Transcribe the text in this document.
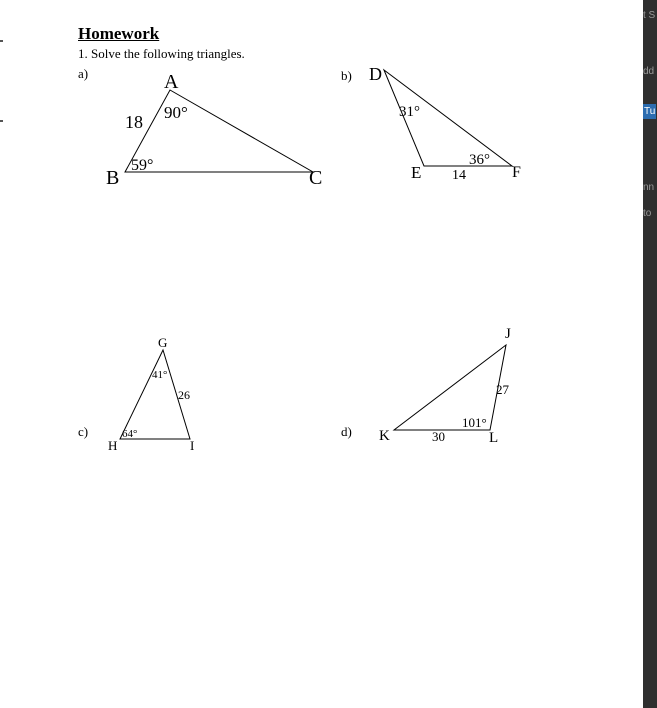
Homework
1. Solve the following triangles.
a)	b)
c)	d)
A
B	C
18 90°
59°
D
E	F
31°
36°
14
G
H	I
41°
64°
26
J
K	L
27
30
101°
t S
dd
Tu
nn
to
